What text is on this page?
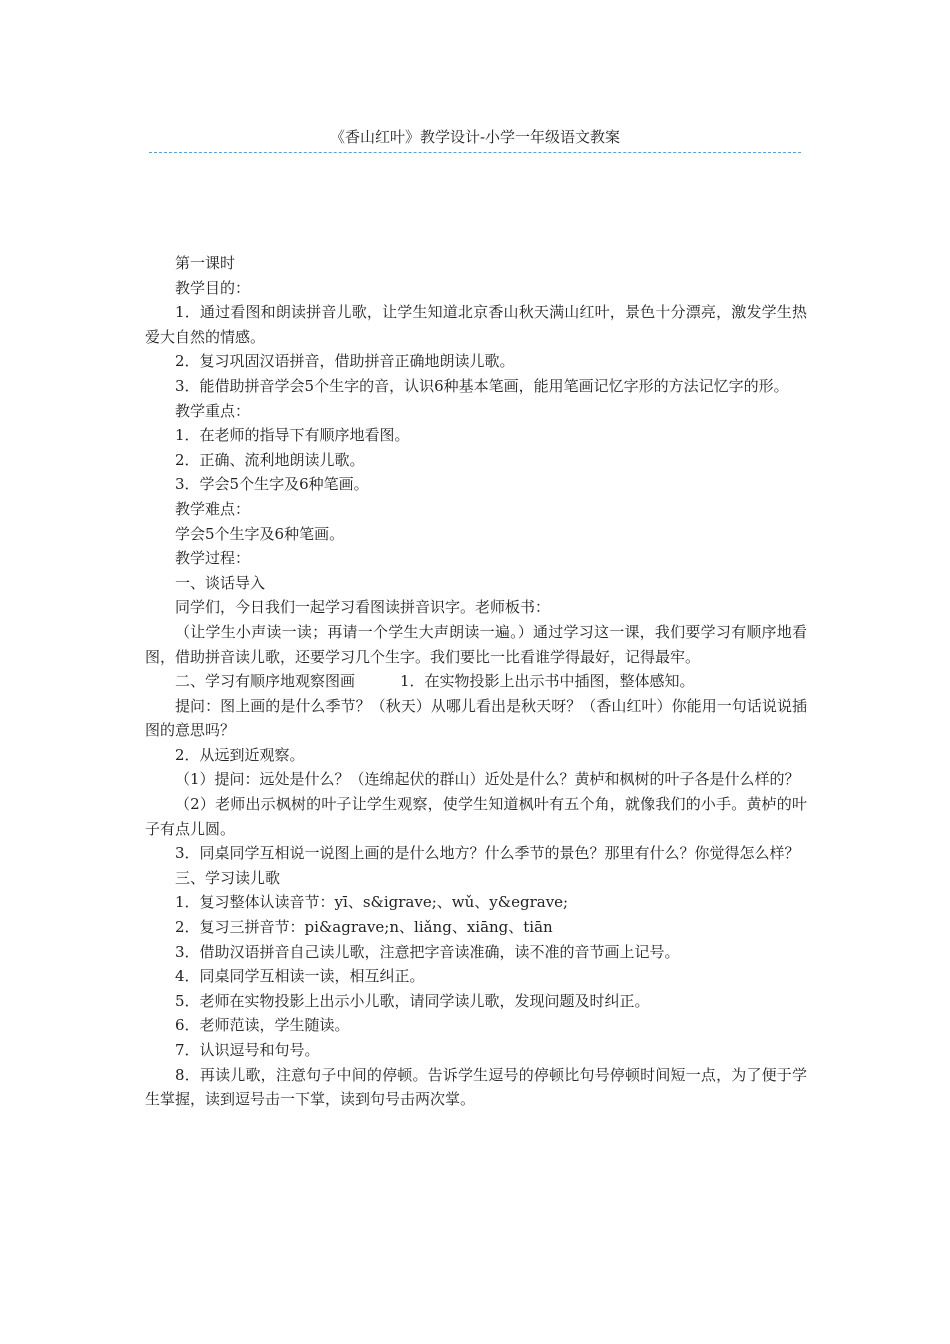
《香山红叶》教学设计-小学一年级语文教案

第一课时

教学目的：

1．通过看图和朗读拼音儿歌，让学生知道北京香山秋天满山红叶，景色十分漂亮，激发学生热爱大自然的情感。

2．复习巩固汉语拼音，借助拼音正确地朗读儿歌。

3．能借助拼音学会5个生字的音，认识6种基本笔画，能用笔画记忆字形的方法记忆字的形。

教学重点：

1．在老师的指导下有顺序地看图。

2．正确、流利地朗读儿歌。

3．学会5个生字及6种笔画。

教学难点：

学会5个生字及6种笔画。

教学过程：

一、谈话导入

同学们，今日我们一起学习看图读拼音识字。老师板书：

（让学生小声读一读；再请一个学生大声朗读一遍。）通过学习这一课，我们要学习有顺序地看图，借助拼音读儿歌，还要学习几个生字。我们要比一比看谁学得最好，记得最牢。

二、学习有顺序地观察图画　　　1．在实物投影上出示书中插图，整体感知。

提问：图上画的是什么季节？（秋天）从哪儿看出是秋天呀？（香山红叶）你能用一句话说说插图的意思吗？

2．从远到近观察。

（1）提问：远处是什么？（连绵起伏的群山）近处是什么？黄栌和枫树的叶子各是什么样的？

（2）老师出示枫树的叶子让学生观察，使学生知道枫叶有五个角，就像我们的小手。黄栌的叶子有点儿圆。

3．同桌同学互相说一说图上画的是什么地方？什么季节的景色？那里有什么？你觉得怎么样？

三、学习读儿歌

1．复习整体认读音节：yī、s&igrave;、wǔ、y&egrave;

2．复习三拼音节：pi&agrave;n、liǎng、xiāng、tiān

3．借助汉语拼音自己读儿歌，注意把字音读准确，读不准的音节画上记号。

4．同桌同学互相读一读，相互纠正。

5．老师在实物投影上出示小儿歌，请同学读儿歌，发现问题及时纠正。

6．老师范读，学生随读。

7．认识逗号和句号。

8．再读儿歌，注意句子中间的停顿。告诉学生逗号的停顿比句号停顿时间短一点，为了便于学生掌握，读到逗号击一下掌，读到句号击两次掌。
